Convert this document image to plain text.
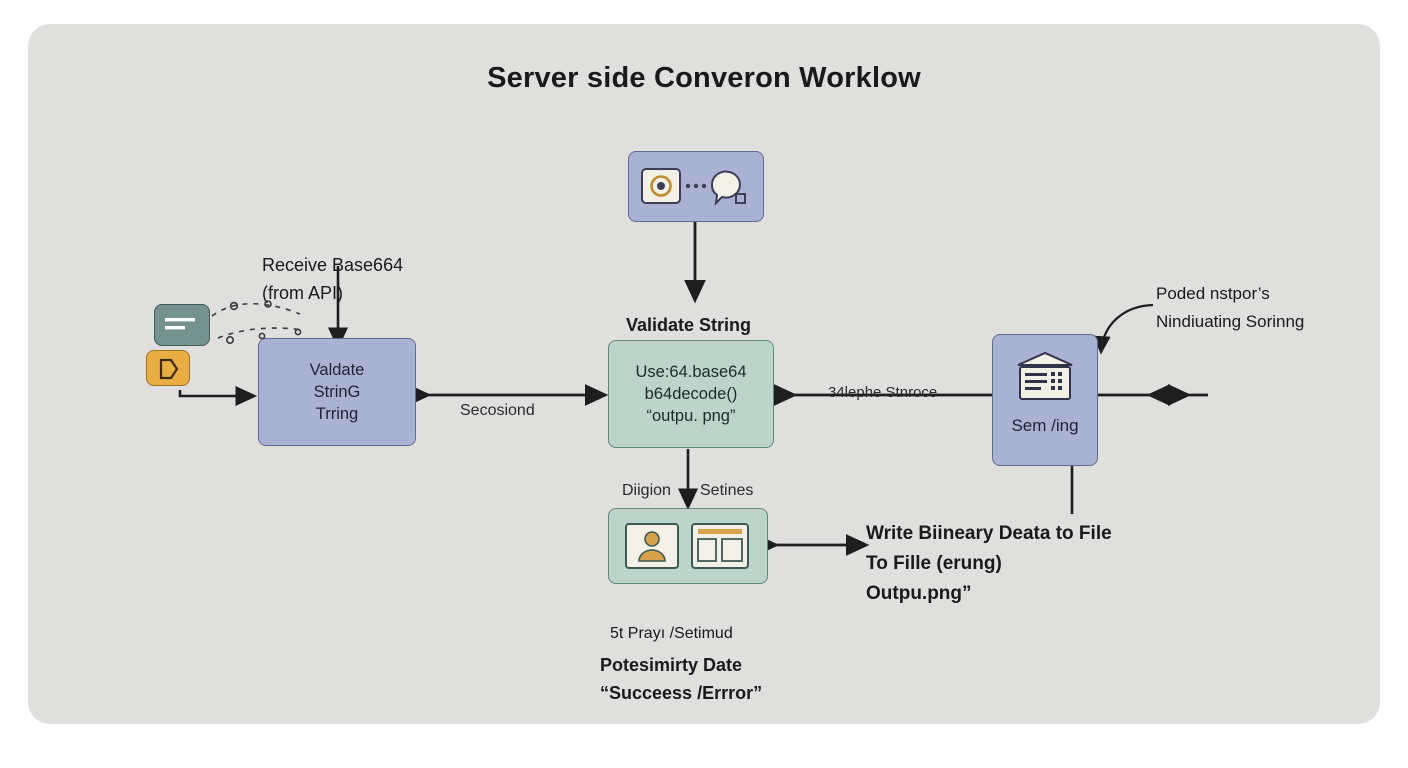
Server side Converon Worklow
Validate String
Receive Base664
(from API)
Valdate
StrinG
Trring
Use:64.base64
b64decode()
“outpu. png”	Sem /ing
Secosiond
34lephe Stnroce
Diigion Setines
5t Prayı /Setimud
Potesimirty Date
“Succeess /Errror”
Write Biineary Deata to File
To Fille (erung)
Outpu.png”
Poded nstpor’s
Nindiuating Sorinng
